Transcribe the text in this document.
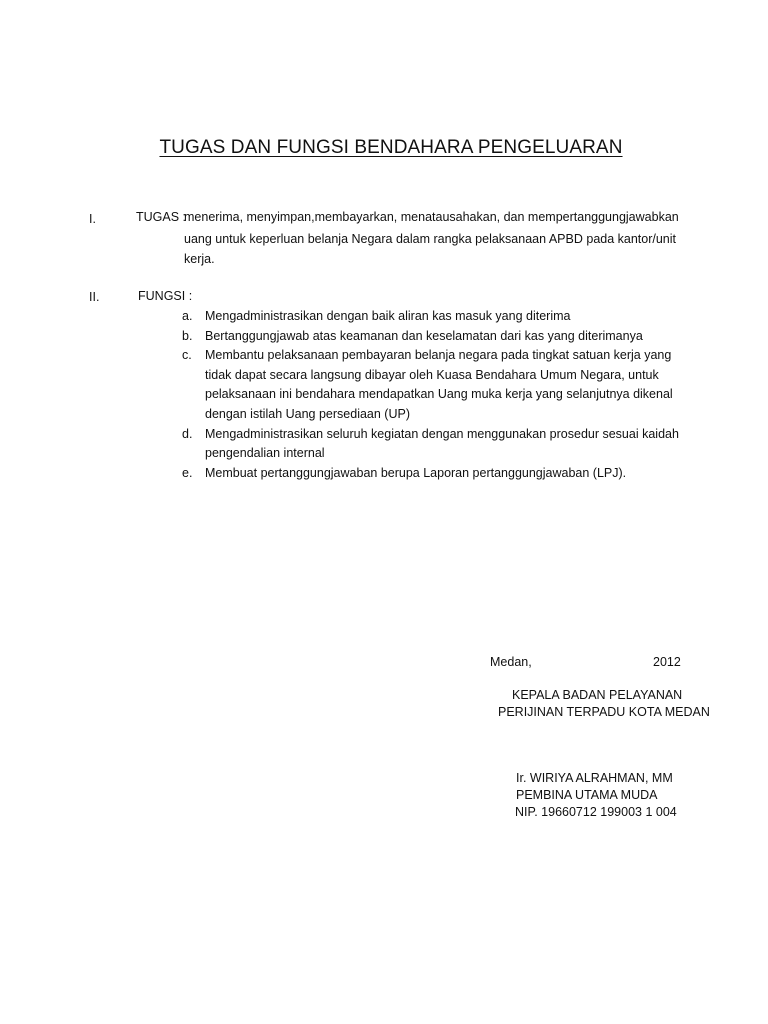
TUGAS DAN FUNGSI BENDAHARA PENGELUARAN
I.	TUGAS :
menerima, menyimpan,membayarkan, menatausahakan, dan mempertanggungjawabkan
uang untuk keperluan belanja Negara dalam rangka pelaksanaan APBD pada kantor/unit
kerja.
II.	FUNGSI :
a. Mengadministrasikan dengan baik aliran kas masuk yang diterima
b. Bertanggungjawab atas keamanan dan keselamatan dari kas yang diterimanya
c. Membantu pelaksanaan pembayaran belanja negara pada tingkat satuan kerja yang
tidak dapat secara langsung dibayar oleh Kuasa Bendahara Umum Negara, untuk
pelaksanaan ini bendahara mendapatkan Uang muka kerja yang selanjutnya dikenal
dengan istilah Uang persediaan (UP)
d. Mengadministrasikan seluruh kegiatan dengan menggunakan prosedur sesuai kaidah
pengendalian internal
e. Membuat pertanggungjawaban berupa Laporan pertanggungjawaban (LPJ).
Medan,	2012
KEPALA BADAN PELAYANAN
PERIJINAN TERPADU KOTA MEDAN
Ir. WIRIYA ALRAHMAN, MM
PEMBINA UTAMA MUDA
NIP. 19660712 199003 1 004
